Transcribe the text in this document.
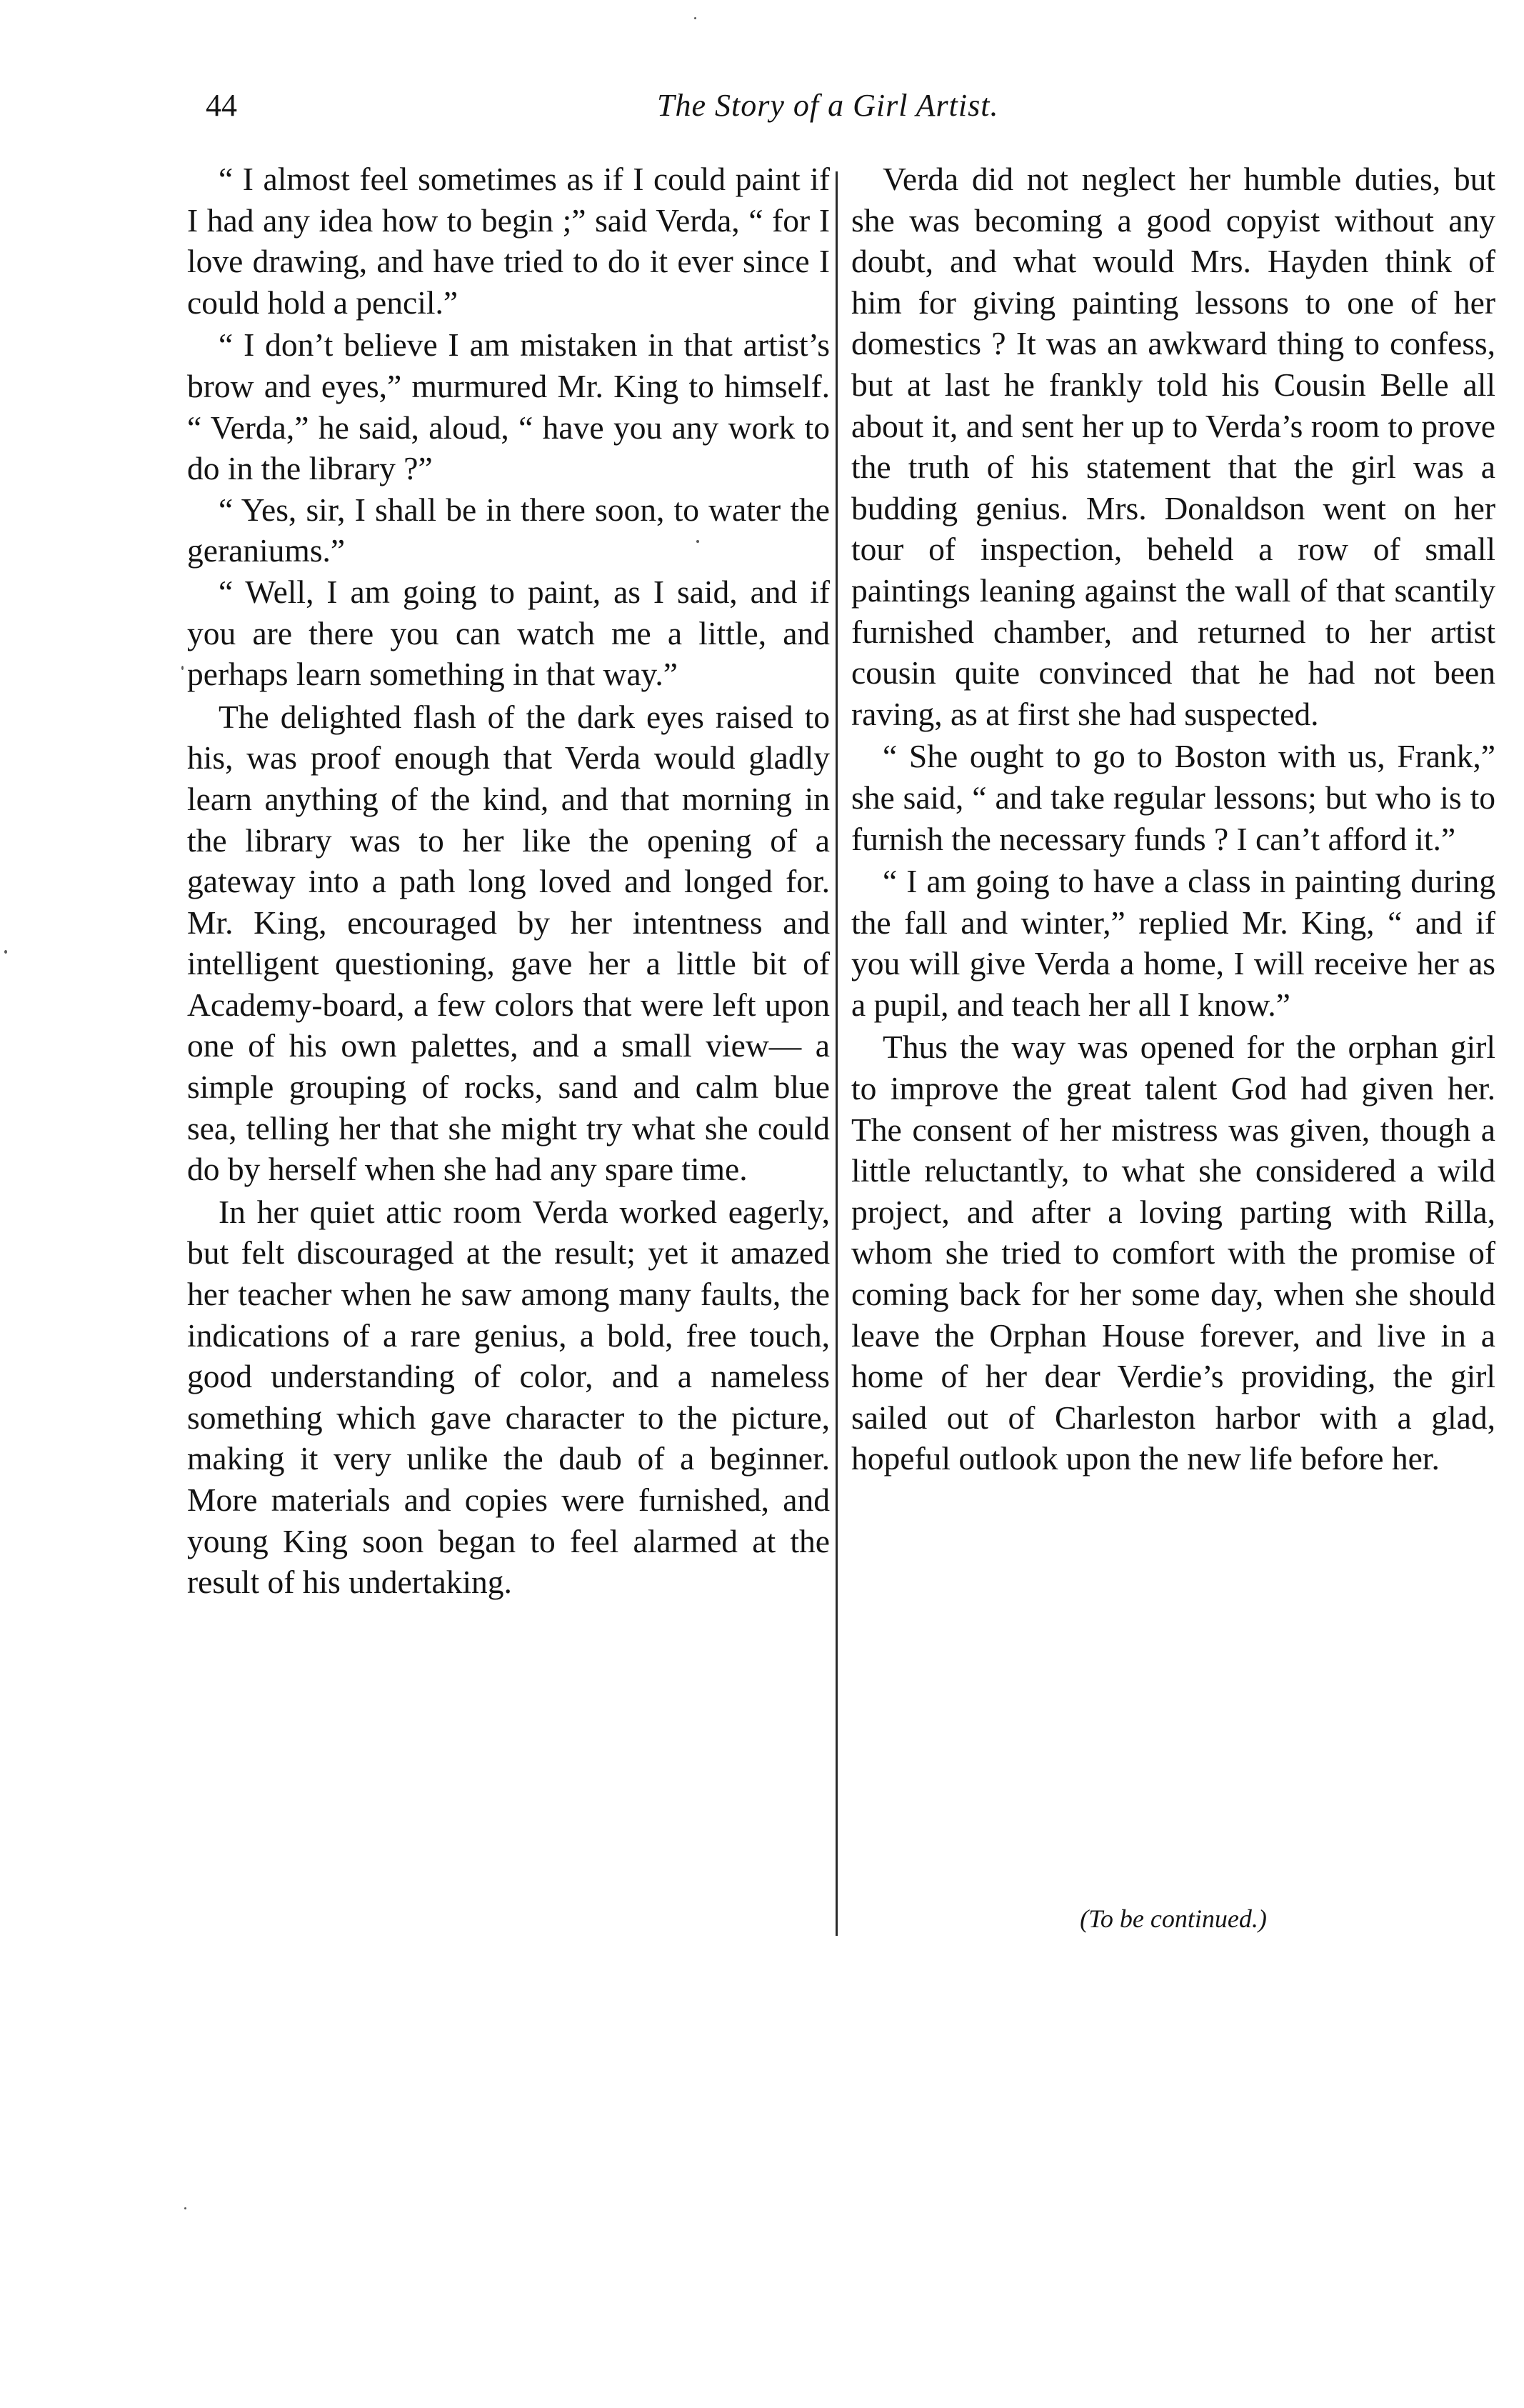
44	The Story of a Girl Artist.

“ I almost feel sometimes as if I could paint if I had any idea how to begin ;” said Verda, “ for I love drawing, and have tried to do it ever since I could hold a pencil.”

“ I don’t believe I am mistaken in that artist’s brow and eyes,” murmured Mr. King to himself. “ Verda,” he said, aloud, “ have you any work to do in the library ?”

“ Yes, sir, I shall be in there soon, to water the geraniums.”

“ Well, I am going to paint, as I said, and if you are there you can watch me a little, and perhaps learn something in that way.”

The delighted flash of the dark eyes raised to his, was proof enough that Verda would gladly learn anything of the kind, and that morning in the library was to her like the opening of a gateway into a path long loved and longed for. Mr. King, encouraged by her intentness and intelligent questioning, gave her a little bit of Academy-board, a few colors that were left upon one of his own palettes, and a small view— a simple grouping of rocks, sand and calm blue sea, telling her that she might try what she could do by herself when she had any spare time.

In her quiet attic room Verda worked eagerly, but felt discouraged at the result; yet it amazed her teacher when he saw among many faults, the indications of a rare genius, a bold, free touch, good understanding of color, and a nameless something which gave character to the picture, making it very unlike the daub of a beginner. More materials and copies were furnished, and young King soon began to feel alarmed at the result of his undertaking.

Verda did not neglect her humble duties, but she was becoming a good copyist without any doubt, and what would Mrs. Hayden think of him for giving painting lessons to one of her domestics ? It was an awkward thing to confess, but at last he frankly told his Cousin Belle all about it, and sent her up to Verda’s room to prove the truth of his statement that the girl was a budding genius. Mrs. Donaldson went on her tour of inspection, beheld a row of small paintings leaning against the wall of that scantily furnished chamber, and returned to her artist cousin quite convinced that he had not been raving, as at first she had suspected.

“ She ought to go to Boston with us, Frank,” she said, “ and take regular lessons; but who is to furnish the necessary funds ? I can’t afford it.”

“ I am going to have a class in painting during the fall and winter,” replied Mr. King, “ and if you will give Verda a home, I will receive her as a pupil, and teach her all I know.”

Thus the way was opened for the orphan girl to improve the great talent God had given her. The consent of her mistress was given, though a little reluctantly, to what she considered a wild project, and after a loving parting with Rilla, whom she tried to comfort with the promise of coming back for her some day, when she should leave the Orphan House forever, and live in a home of her dear Verdie’s providing, the girl sailed out of Charleston harbor with a glad, hopeful outlook upon the new life before her.

(To be continued.)
